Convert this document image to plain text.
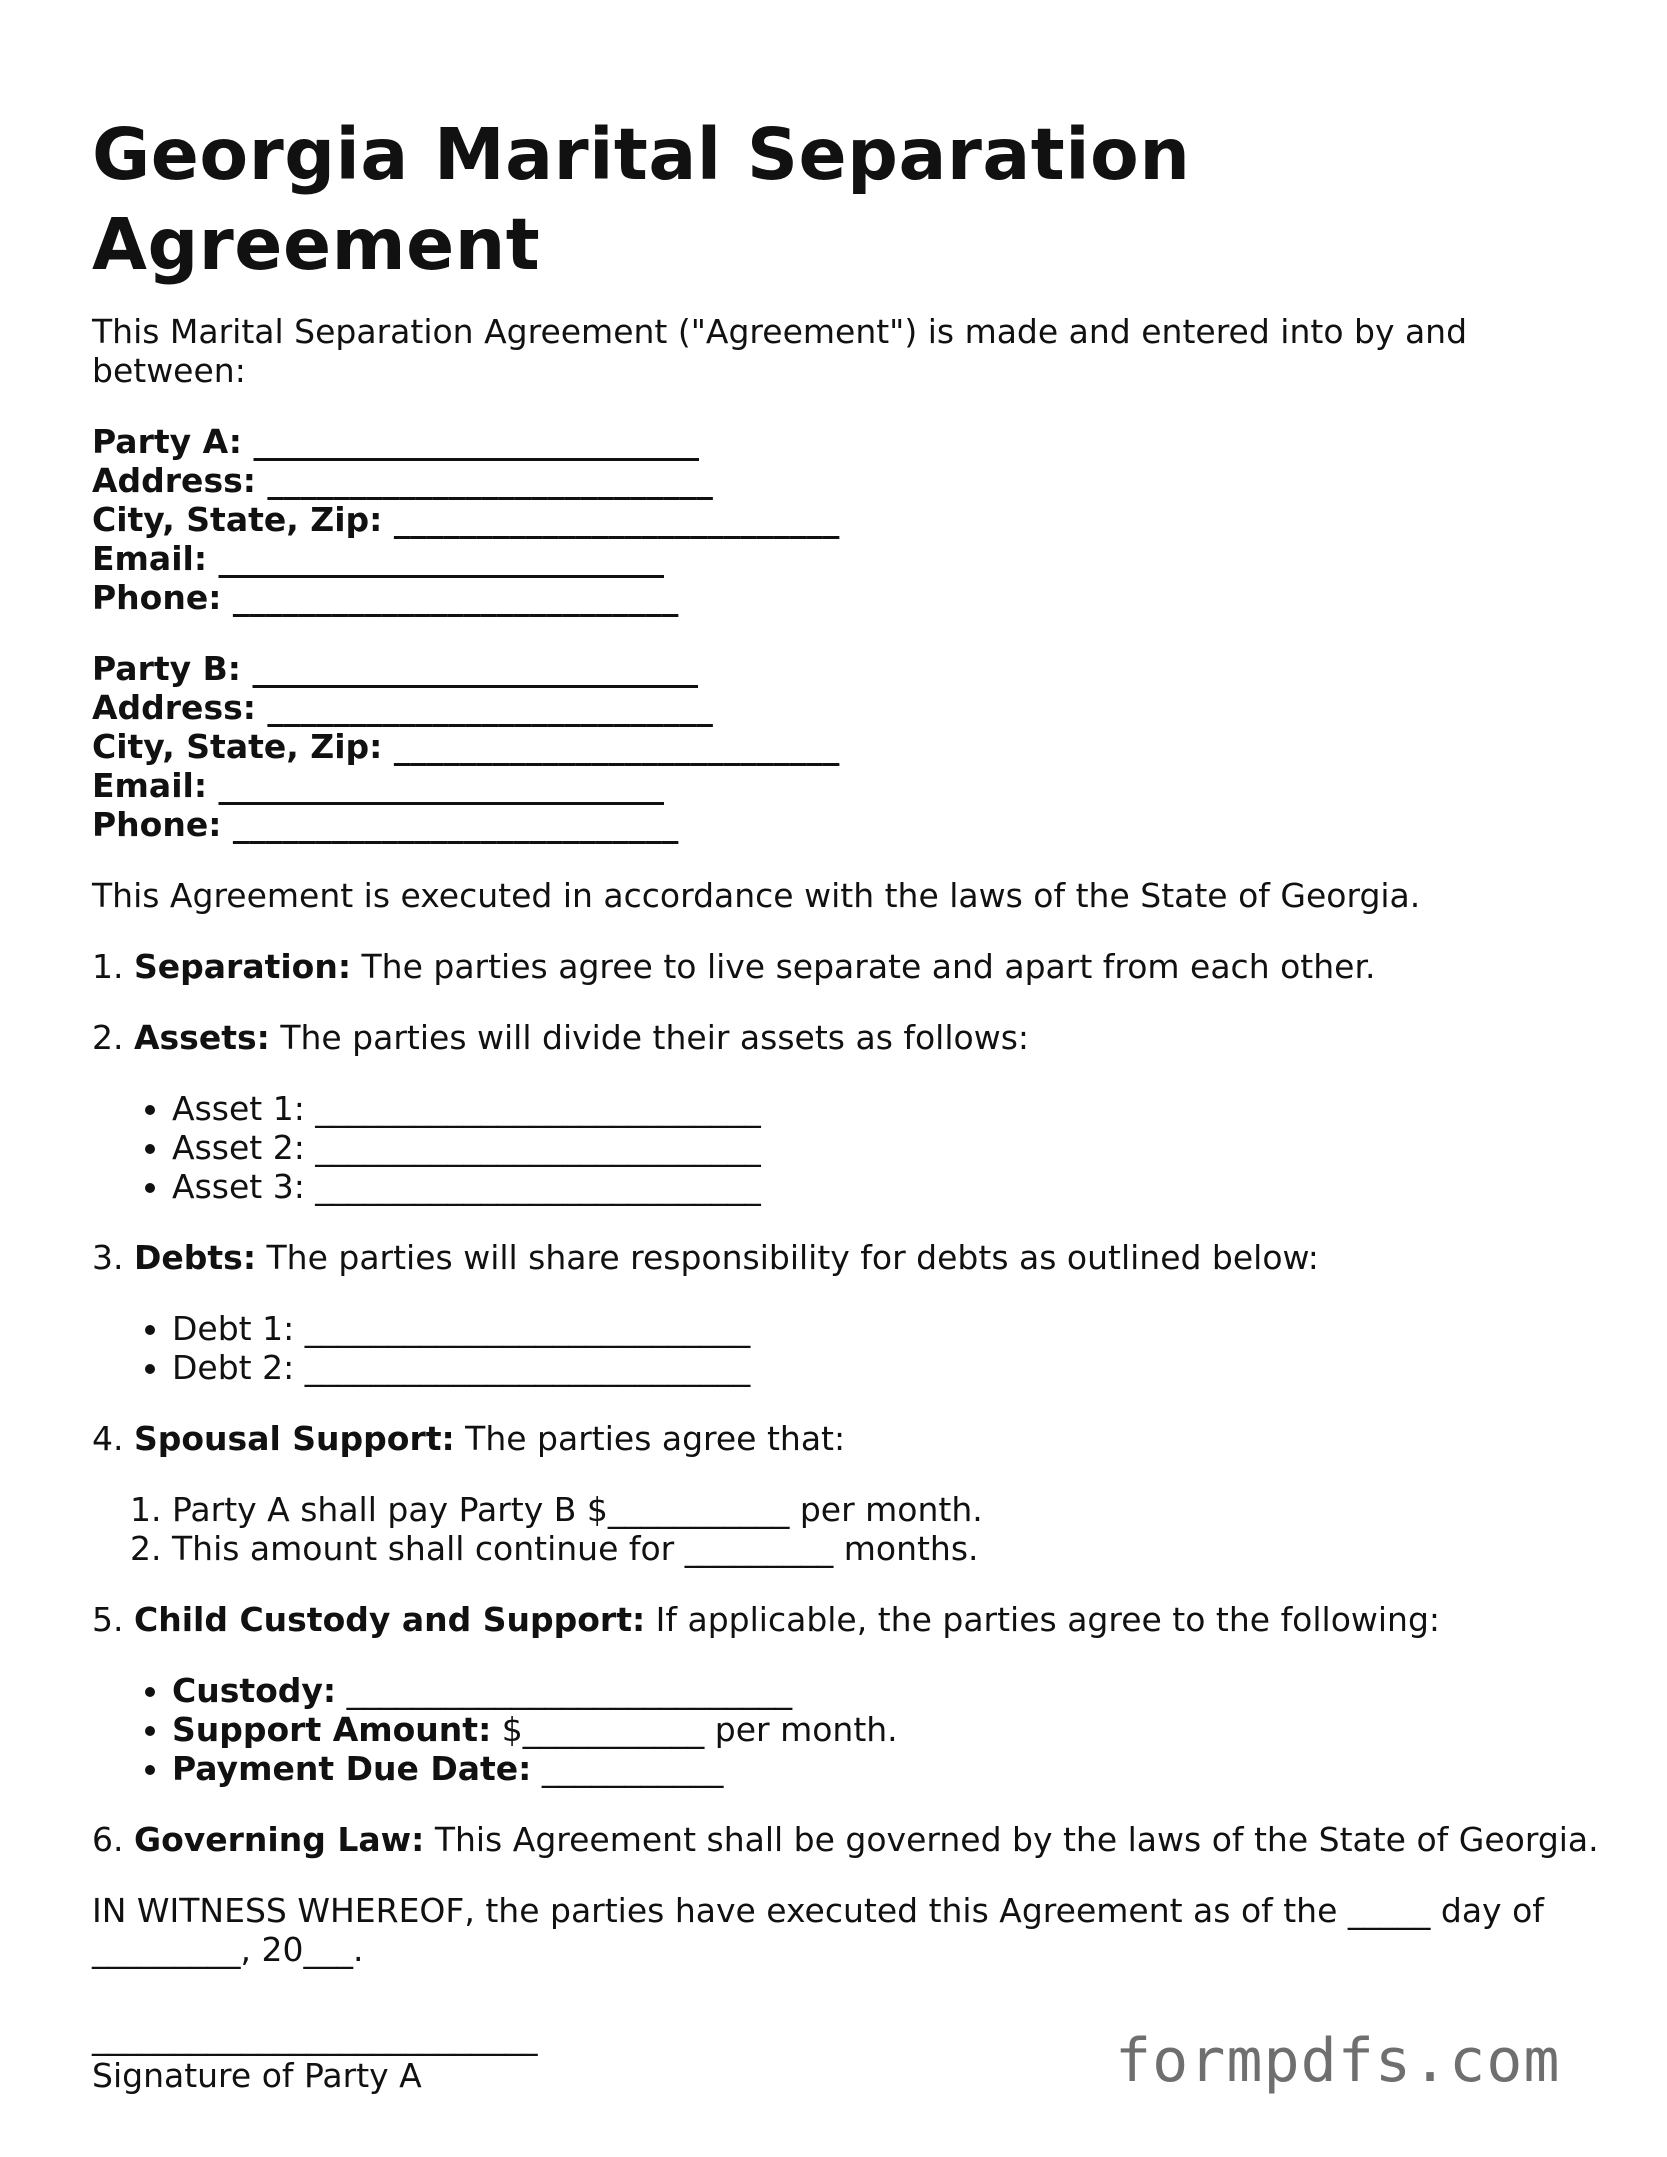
Georgia Marital Separation Agreement

This Marital Separation Agreement ("Agreement") is made and entered into by and between:

Party A: ___________________________
Address: ___________________________
City, State, Zip: ___________________________
Email: ___________________________
Phone: ___________________________
Party B: ___________________________
Address: ___________________________
City, State, Zip: ___________________________
Email: ___________________________
Phone: ___________________________

This Agreement is executed in accordance with the laws of the State of Georgia.

1. Separation: The parties agree to live separate and apart from each other.

2. Assets: The parties will divide their assets as follows:

• Asset 1: ___________________________
• Asset 2: ___________________________
• Asset 3: ___________________________

3. Debts: The parties will share responsibility for debts as outlined below:

• Debt 1: ___________________________
• Debt 2: ___________________________

4. Spousal Support: The parties agree that:

1. Party A shall pay Party B $___________ per month.
2. This amount shall continue for _________ months.

5. Child Custody and Support: If applicable, the parties agree to the following:

• Custody: ___________________________
• Support Amount: $___________ per month.
• Payment Due Date: ___________

6. Governing Law: This Agreement shall be governed by the laws of the State of Georgia.

IN WITNESS WHEREOF, the parties have executed this Agreement as of the _____ day of _________, 20___.

___________________________
Signature of Party A	formpdfs.com
